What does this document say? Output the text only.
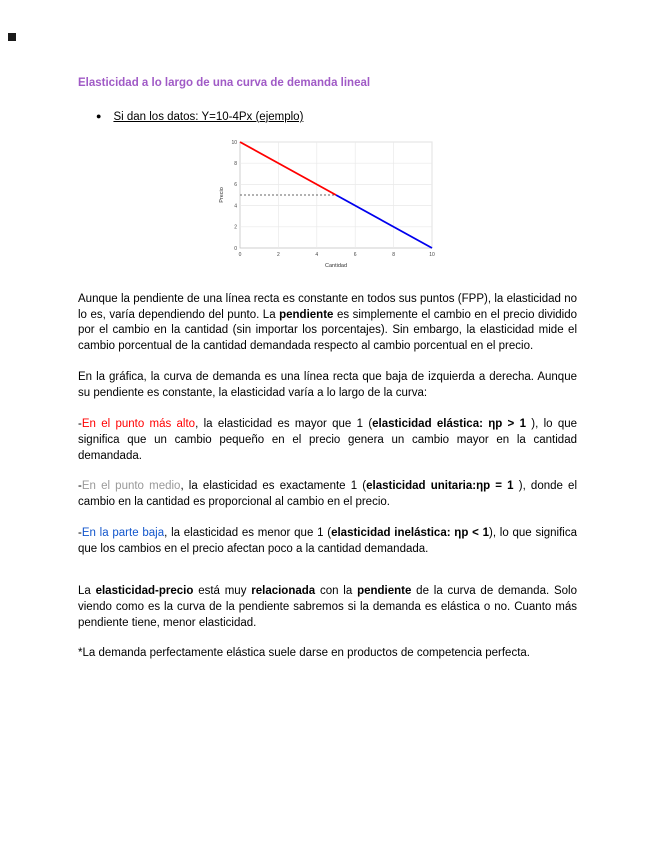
Elasticidad a lo largo de una curva de demanda lineal
● Si dan los datos: Y=10-4Px (ejemplo)
0	2	4	6	8	10
0
2
4
6
8
10
Cantidad
Precio

Aunque la pendiente de una línea recta es constante en todos sus puntos (FPP), la elasticidad no lo es, varía dependiendo del punto. La pendiente es simplemente el cambio en el precio dividido por el cambio en la cantidad (sin importar los porcentajes). Sin embargo, la elasticidad mide el cambio porcentual de la cantidad demandada respecto al cambio porcentual en el precio.

En la gráfica, la curva de demanda es una línea recta que baja de izquierda a derecha. Aunque su pendiente es constante, la elasticidad varía a lo largo de la curva:

-En el punto más alto, la elasticidad es mayor que 1 (elasticidad elástica: ηp > 1 ), lo que significa que un cambio pequeño en el precio genera un cambio mayor en la cantidad demandada.

-En el punto medio, la elasticidad es exactamente 1 (elasticidad unitaria:ηp = 1 ), donde el cambio en la cantidad es proporcional al cambio en el precio.

-En la parte baja, la elasticidad es menor que 1 (elasticidad inelástica: ηp < 1), lo que significa que los cambios en el precio afectan poco a la cantidad demandada.

La elasticidad-precio está muy relacionada con la pendiente de la curva de demanda. Solo viendo como es la curva de la pendiente sabremos si la demanda es elástica o no. Cuanto más pendiente tiene, menor elasticidad.

*La demanda perfectamente elástica suele darse en productos de competencia perfecta.
